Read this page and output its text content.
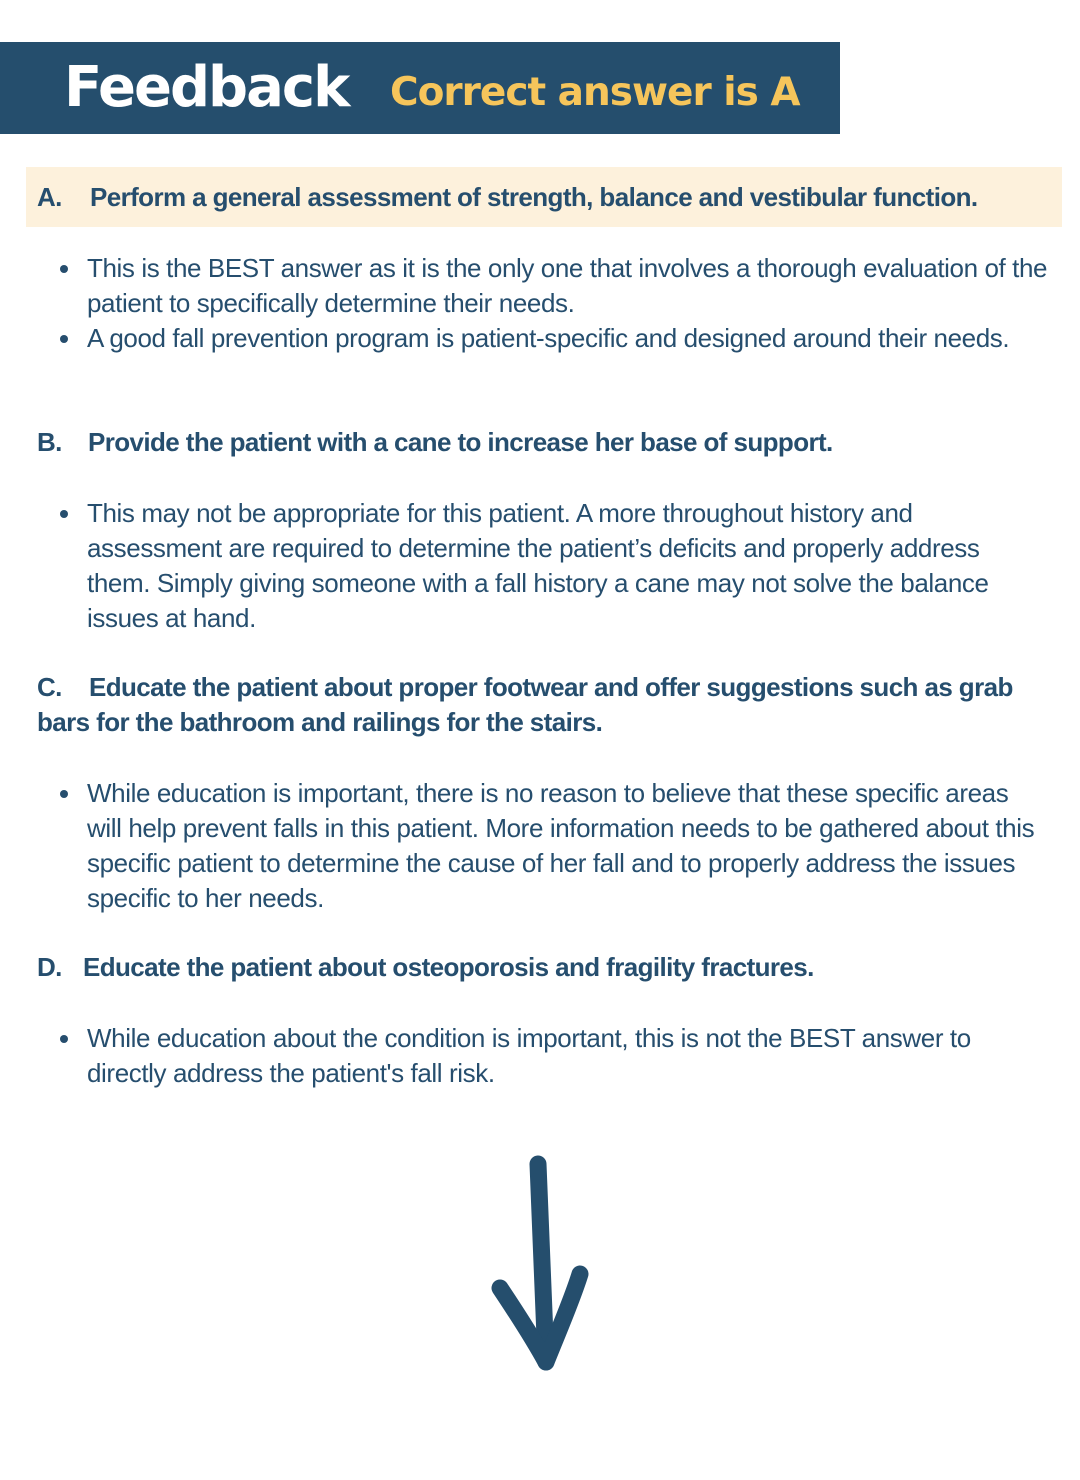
Feedback Correct answer is A

A. Perform a general assessment of strength, balance and vestibular function.

This is the BEST answer as it is the only one that involves a thorough evaluation of the patient to specifically determine their needs.
A good fall prevention program is patient-specific and designed around their needs.

B. Provide the patient with a cane to increase her base of support.

This may not be appropriate for this patient. A more throughout history and assessment are required to determine the patient’s deficits and properly address them. Simply giving someone with a fall history a cane may not solve the balance issues at hand.

C. Educate the patient about proper footwear and offer suggestions such as grab bars for the bathroom and railings for the stairs.

While education is important, there is no reason to believe that these specific areas will help prevent falls in this patient. More information needs to be gathered about this specific patient to determine the cause of her fall and to properly address the issues specific to her needs.

D. Educate the patient about osteoporosis and fragility fractures.

While education about the condition is important, this is not the BEST answer to directly address the patient's fall risk.
